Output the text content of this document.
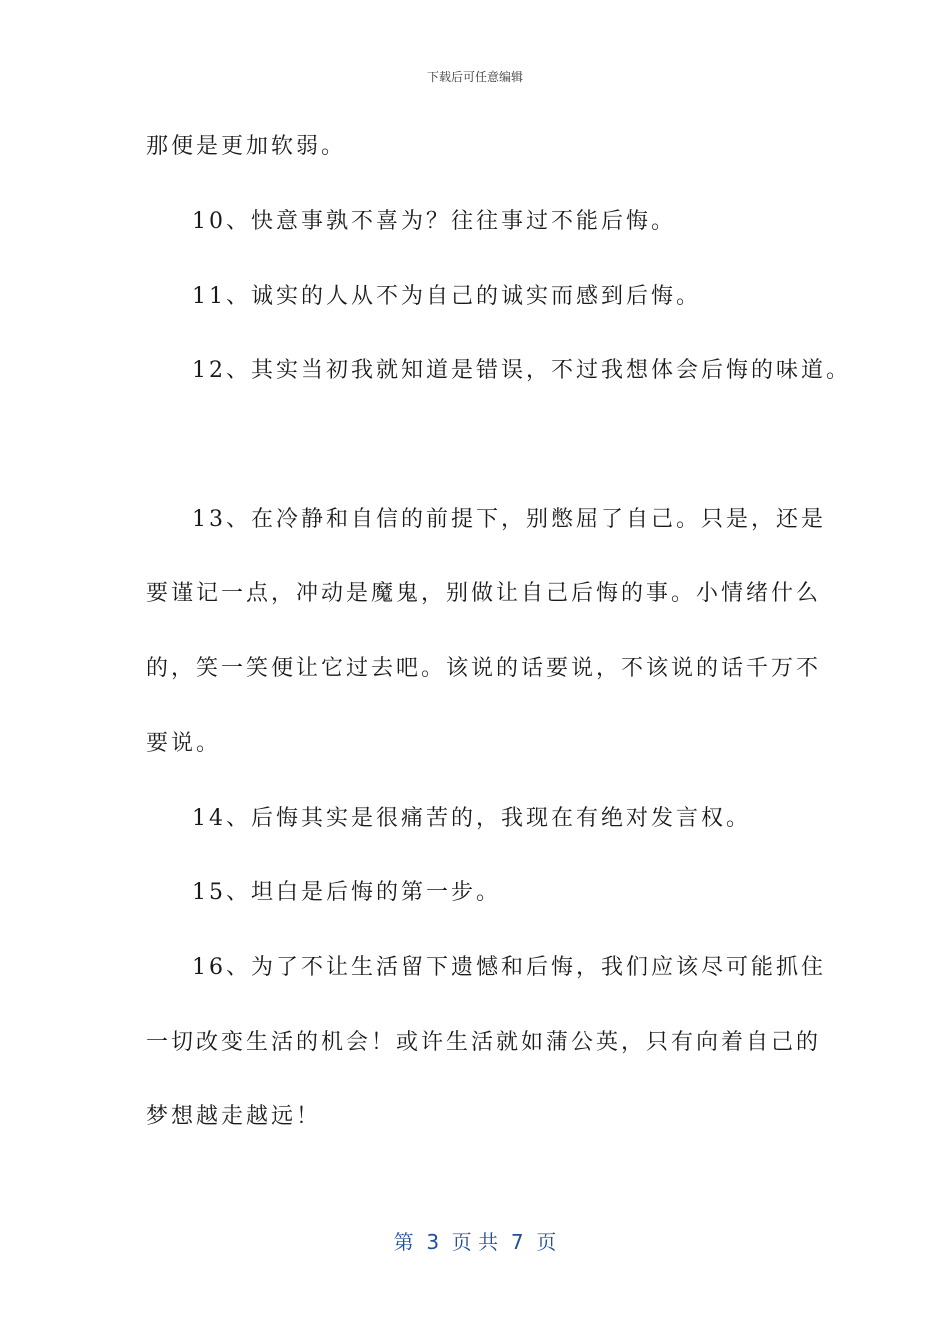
下载后可任意编辑
那便是更加软弱。
10、快意事孰不喜为？往往事过不能后悔。
11、诚实的人从不为自己的诚实而感到后悔。
12、其实当初我就知道是错误，不过我想体会后悔的味道。
13、在冷静和自信的前提下，别憋屈了自己。只是，还是
要谨记一点，冲动是魔鬼，别做让自己后悔的事。小情绪什么
的，笑一笑便让它过去吧。该说的话要说，不该说的话千万不
要说。
14、后悔其实是很痛苦的，我现在有绝对发言权。
15、坦白是后悔的第一步。
16、为了不让生活留下遗憾和后悔，我们应该尽可能抓住
一切改变生活的机会！或许生活就如蒲公英，只有向着自己的
梦想越走越远！
第  3  页 共  7  页
